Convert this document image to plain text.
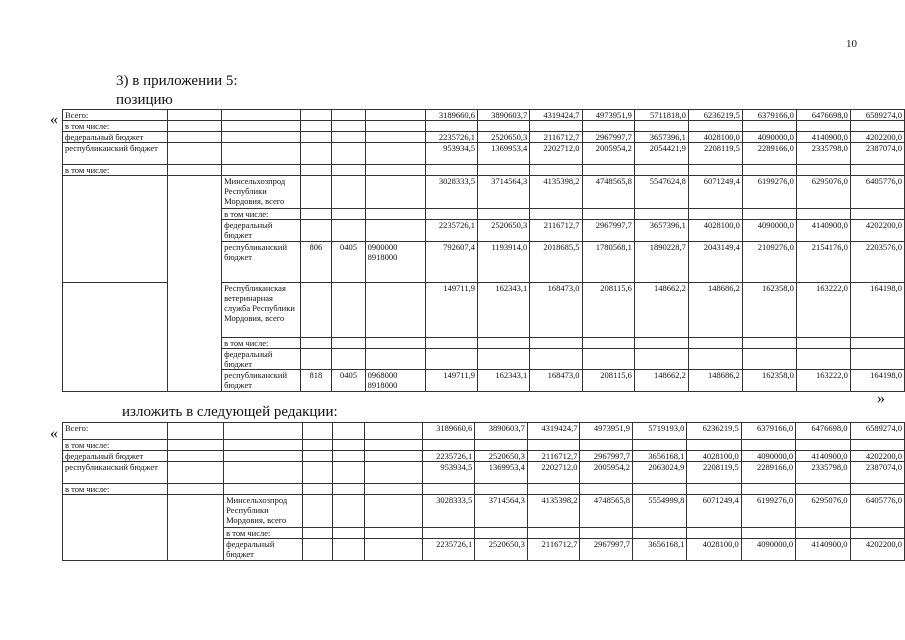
10
3) в приложении 5:
позицию
«
»
Всего:						3189660,6	3890603,7	4319424,7	4973951,9	5711818,0	6236219,5	6379166,0	6476698,0	6589274,0
в том числе:														
федеральный бюджет						2235726,1	2520650,3	2116712,7	2967997,7	3657396,1	4028100,0	4090000,0	4140900,0	4202200,0
республиканский бюджет						953934,5	1369953,4	2202712,0	2005954,2	2054421,9	2208119,5	2289166,0	2335798,0	2387074,0
в том числе:														
		Минсельхозпрод Республики Мордовия, всего				3028333,5	3714564,3	4135398,2	4748565,8	5547624,8	6071249,4	6199276,0	6295076,0	6405776,0
		в том числе:												
		федеральный бюджет				2235726,1	2520650,3	2116712,7	2967997,7	3657396,1	4028100,0	4090000,0	4140900,0	4202200,0
		республиканский бюджет	806	0405	0900000 8918000	792607,4	1193914,0	2018685,5	1780568,1	1890228,7	2043149,4	2109276,0	2154176,0	2203576,0
		Республиканская ветеринарная служба Республики Мордовия, всего				149711,9	162343,1	168473,0	208115,6	148662,2	148686,2	162358,0	163222,0	164198,0
		в том числе:												
		федеральный бюджет												
		республиканский бюджет	818	0405	0968000 8918000	149711,9	162343,1	168473,0	208115,6	148662,2	148686,2	162358,0	163222,0	164198,0
изложить в следующей редакции:
« Всего:						3189660,6	3890603,7	4319424,7	4973951,9	5719193,0	6236219,5	6379166,0	6476698,0	6589274,0
в том числе:														
федеральный бюджет						2235726,1	2520650,3	2116712,7	2967997,7	3656168,1	4028100,0	4090000,0	4140900,0	4202200,0
республиканский бюджет						953934,5	1369953,4	2202712,0	2005954,2	2063024,9	2208119,5	2289166,0	2335798,0	2387074,0
в том числе:														
		Минсельхозпрод Республики Мордовия, всего				3028333,5	3714564,3	4135398,2	4748565,8	5554999,8	6071249,4	6199276,0	6295076,0	6405776,0
		в том числе:												
		федеральный бюджет				2235726,1	2520650,3	2116712,7	2967997,7	3656168,1	4028100,0	4090000,0	4140900,0	4202200,0
